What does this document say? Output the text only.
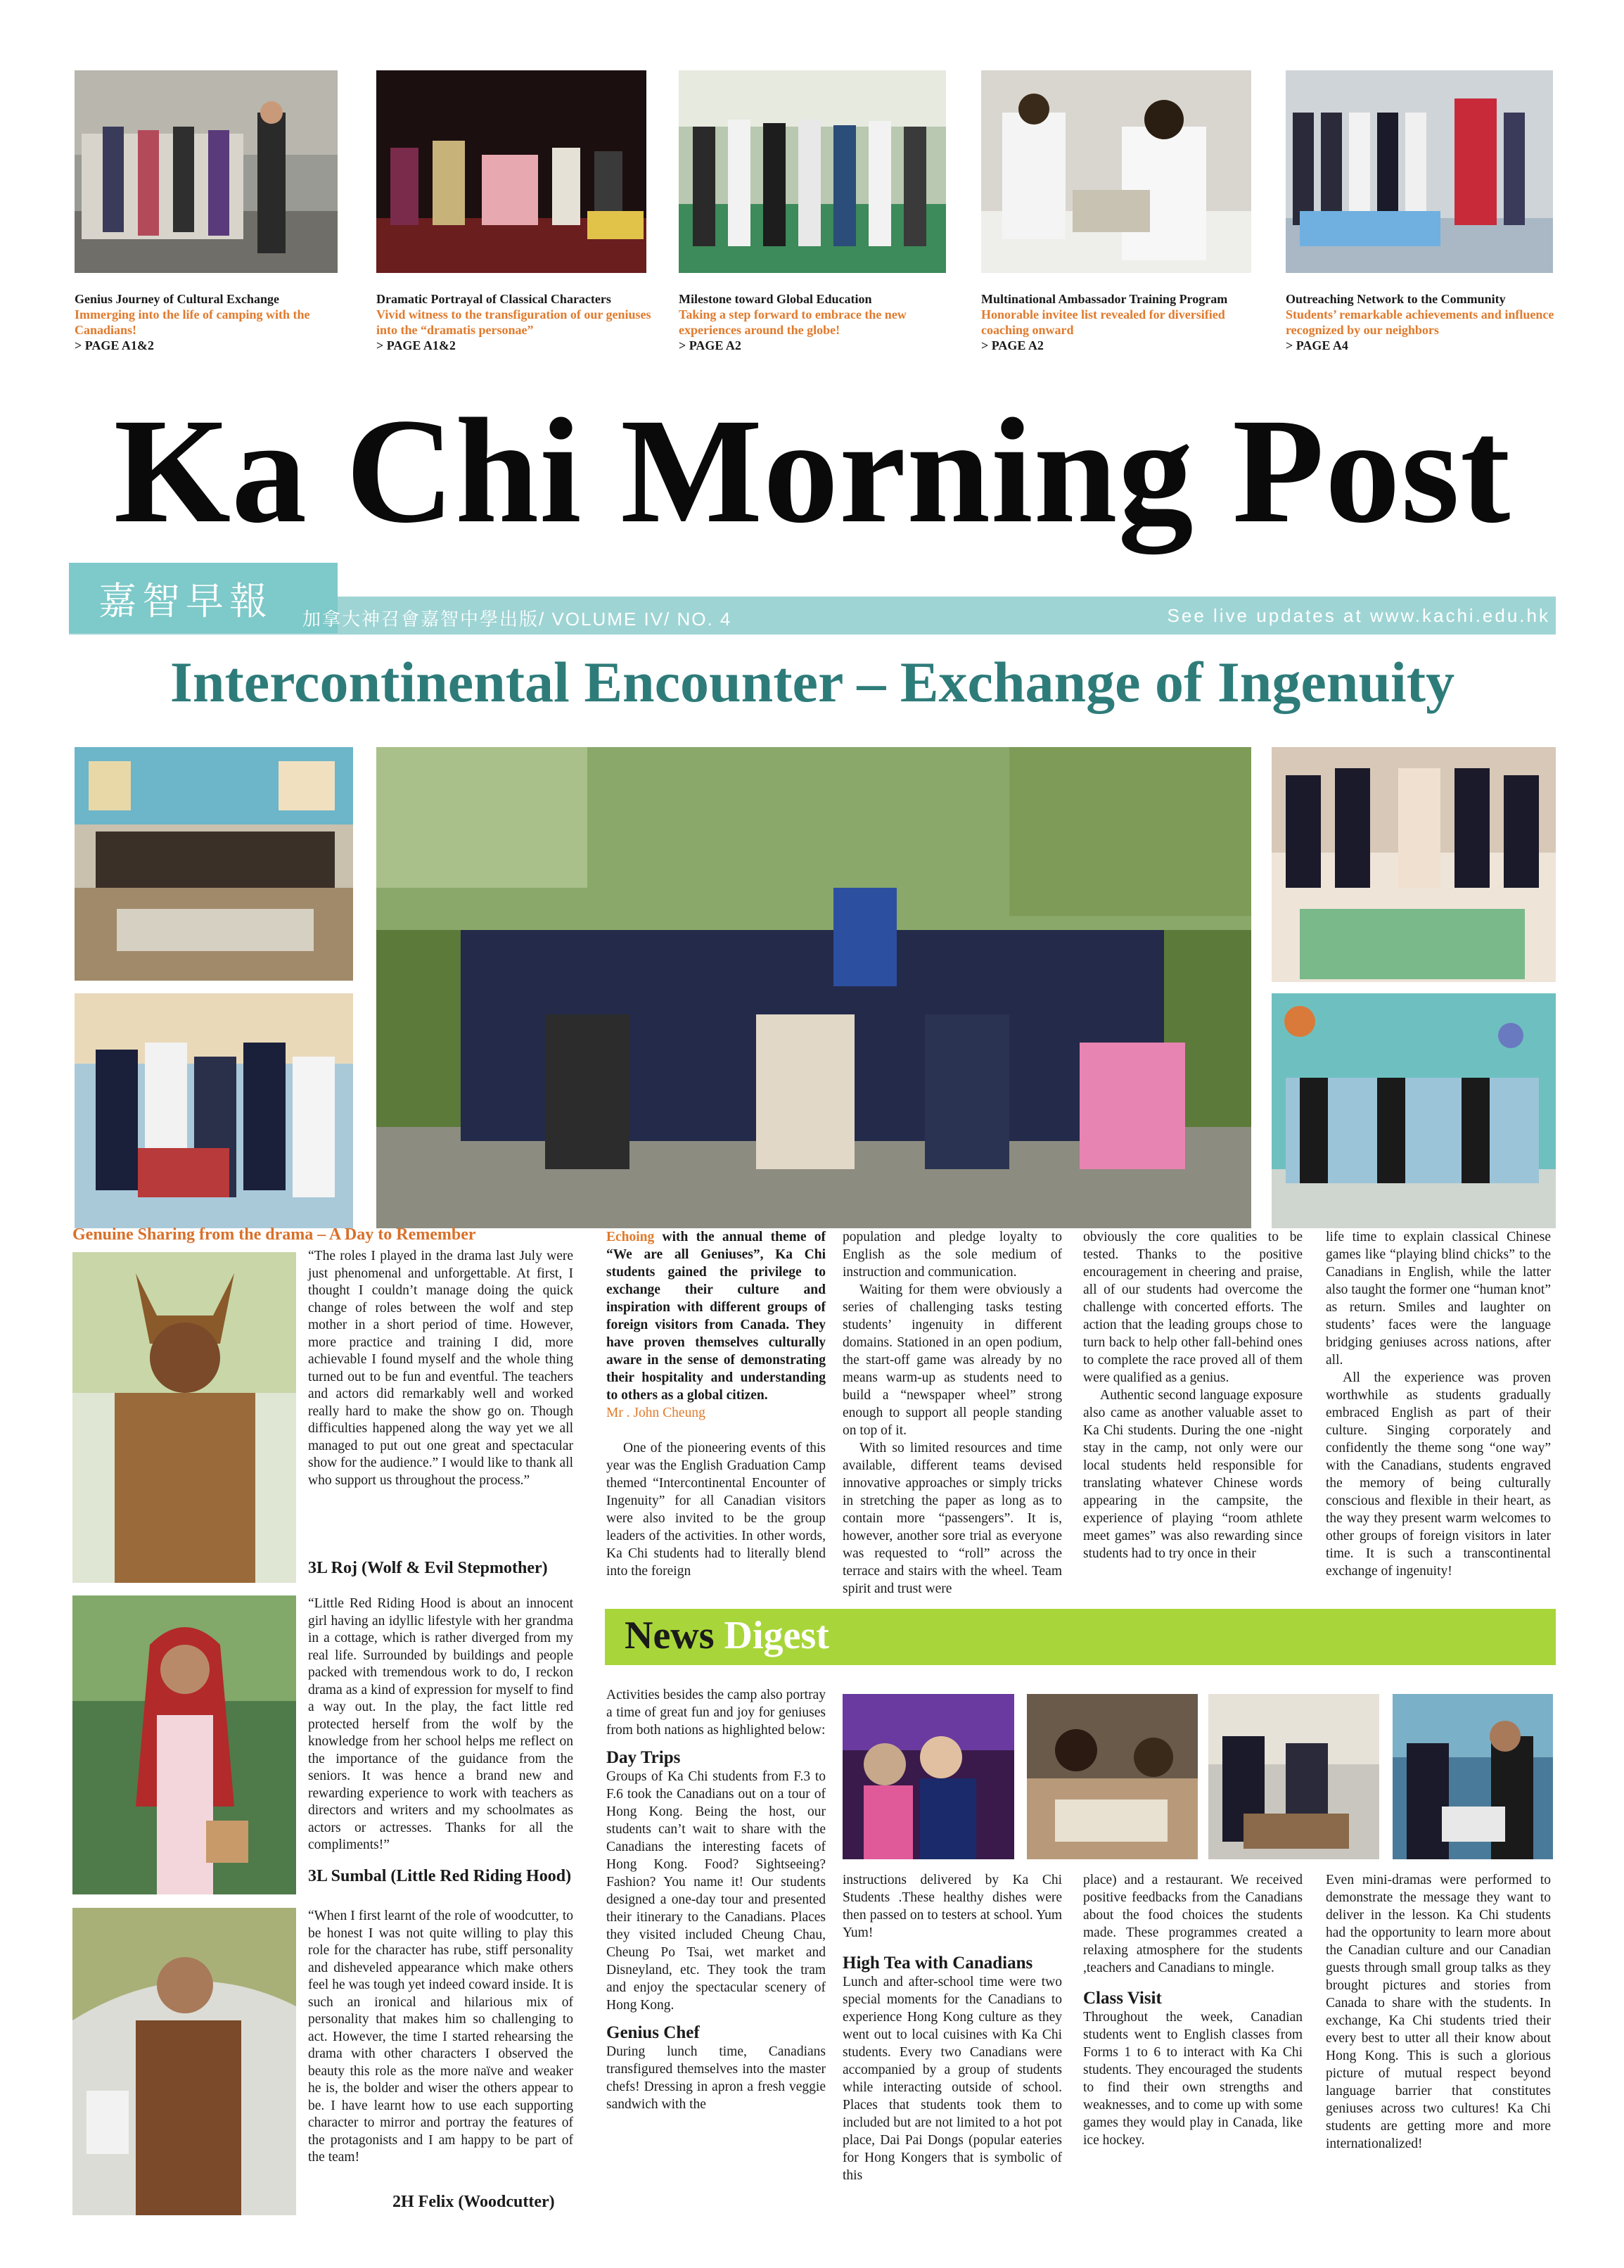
Genius Journey of Cultural Exchange
Immerging into the life of camping with the Canadians!
> PAGE A1&2
Dramatic Portrayal of Classical Characters
Vivid witness to the transfiguration of our geniuses into the “dramatis personae”
> PAGE A1&2
Milestone toward Global Education
Taking a step forward to embrace the new experiences around the globe!
> PAGE A2
Multinational Ambassador Training Program
Honorable invitee list revealed for diversified coaching onward
> PAGE A2
Outreaching Network to the Community
Students’ remarkable achievements and influence recognized by our neighbors
> PAGE A4
Ka Chi Morning Post
嘉智早報 加拿大神召會嘉智中學出版/ VOLUME IV/ NO. 4	See live updates at www.kachi.edu.hk
Intercontinental Encounter – Exchange of Ingenuity
Genuine Sharing from the drama – A Day to Remember
“The roles I played in the drama last July were just phenomenal and unforgettable. At first, I thought I couldn’t manage doing the quick change of roles between the wolf and step mother in a short period of time. However, more practice and training I did, more achievable I found myself and the whole thing turned out to be fun and eventful. The teachers and actors did remarkably well and worked really hard to make the show go on. Though difficulties happened along the way yet we all managed to put out one great and spectacular show for the audience.” I would like to thank all who support us throughout the process.”
3L Roj (Wolf & Evil Stepmother)
“Little Red Riding Hood is about an innocent girl having an idyllic lifestyle with her grandma in a cottage, which is rather diverged from my real life. Surrounded by buildings and people packed with tremendous work to do, I reckon drama as a kind of expression for myself to find a way out. In the play, the fact little red protected herself from the wolf by the knowledge from her school helps me reflect on the importance of the guidance from the seniors. It was hence a brand new and rewarding experience to work with teachers as directors and writers and my schoolmates as actors or actresses. Thanks for all the compliments!”
3L Sumbal (Little Red Riding Hood)
“When I first learnt of the role of woodcutter, to be honest I was not quite willing to play this role for the character has rube, stiff personality and disheveled appearance which make others feel he was tough yet indeed coward inside. It is such an ironical and hilarious mix of personality that makes him so challenging to act. However, the time I started rehearsing the drama with other characters I observed the beauty this role as the more naïve and weaker he is, the bolder and wiser the others appear to be. I have learnt how to use each supporting character to mirror and portray the features of the protagonists and I am happy to be part of the team!
2H Felix (Woodcutter)

Echoing with the annual theme of “We are all Geniuses”, Ka Chi students gained the privilege to exchange their culture and inspiration with different groups of foreign visitors from Canada. They have proven themselves culturally aware in the sense of demonstrating their hospitality and understanding to others as a global citizen.

Mr . John Cheung

One of the pioneering events of this year was the English Graduation Camp themed “Intercontinental Encounter of Ingenuity” for all Canadian visitors were also invited to be the group leaders of the activities. In other words, Ka Chi students had to literally blend into the foreign

population and pledge loyalty to English as the sole medium of instruction and communication.

Waiting for them were obviously a series of challenging tasks testing students’ ingenuity in different domains. Stationed in an open podium, the start-off game was already by no means warm-up as students need to build a “newspaper wheel” strong enough to support all people standing on top of it.

With so limited resources and time available, different teams devised innovative approaches or simply tricks in stretching the paper as long as to contain more “passengers”. It is, however, another sore trial as everyone was requested to “roll” across the terrace and stairs with the wheel. Team spirit and trust were

obviously the core qualities to be tested. Thanks to the positive encouragement in cheering and praise, all of our students had overcome the challenge with concerted efforts. The action that the leading groups chose to turn back to help other fall-behind ones to complete the race proved all of them were qualified as a genius.

Authentic second language exposure also came as another valuable asset to Ka Chi students. During the one -night stay in the camp, not only were our local students held responsible for translating whatever Chinese words appearing in the campsite, the experience of playing “room athlete meet games” was also rewarding since students had to try once in their

life time to explain classical Chinese games like “playing blind chicks” to the Canadians in English, while the latter also taught the former one “human knot” as return. Smiles and laughter on students’ faces were the language bridging geniuses across nations, after all.

All the experience was proven worthwhile as students gradually embraced English as part of their culture. Singing corporately and confidently the theme song “one way” with the Canadians, students engraved the memory of being culturally conscious and flexible in their heart, as the way they present warm welcomes to other groups of foreign visitors in later time. It is such a transcontinental exchange of ingenuity!

News Digest

Activities besides the camp also portray a time of great fun and joy for geniuses from both nations as highlighted below:

Day Trips

Groups of Ka Chi students from F.3 to F.6 took the Canadians out on a tour of Hong Kong. Being the host, our students can’t wait to share with the Canadians the interesting facets of Hong Kong. Food? Sightseeing? Fashion? You name it! Our students designed a one-day tour and presented their itinerary to the Canadians. Places they visited included Cheung Chau, Cheung Po Tsai, wet market and Disneyland, etc. They took the tram and enjoy the spectacular scenery of Hong Kong.

Genius Chef

During lunch time, Canadians transfigured themselves into the master chefs! Dressing in apron a fresh veggie sandwich with the

instructions delivered by Ka Chi Students .These healthy dishes were then passed on to testers at school. Yum Yum!

High Tea with Canadians

Lunch and after-school time were two special moments for the Canadians to experience Hong Kong culture as they went out to local cuisines with Ka Chi students. Every two Canadians were accompanied by a group of students while interacting outside of school. Places that students took them to included but are not limited to a hot pot place, Dai Pai Dongs (popular eateries for Hong Kongers that is symbolic of this

place) and a restaurant. We received positive feedbacks from the Canadians about the food choices the students made. These programmes created a relaxing atmosphere for the students ,teachers and Canadians to mingle.

Class Visit

Throughout the week, Canadian students went to English classes from Forms 1 to 6 to interact with Ka Chi students. They encouraged the students to find their own strengths and weaknesses, and to come up with some games they would play in Canada, like ice hockey.

Even mini-dramas were performed to demonstrate the message they want to deliver in the lesson. Ka Chi students had the opportunity to learn more about the Canadian culture and our Canadian guests through small group talks as they brought pictures and stories from Canada to share with the students. In exchange, Ka Chi students tried their every best to utter all their know about Hong Kong. This is such a glorious picture of mutual respect beyond language barrier that constitutes geniuses across two cultures! Ka Chi students are getting more and more internationalized!
